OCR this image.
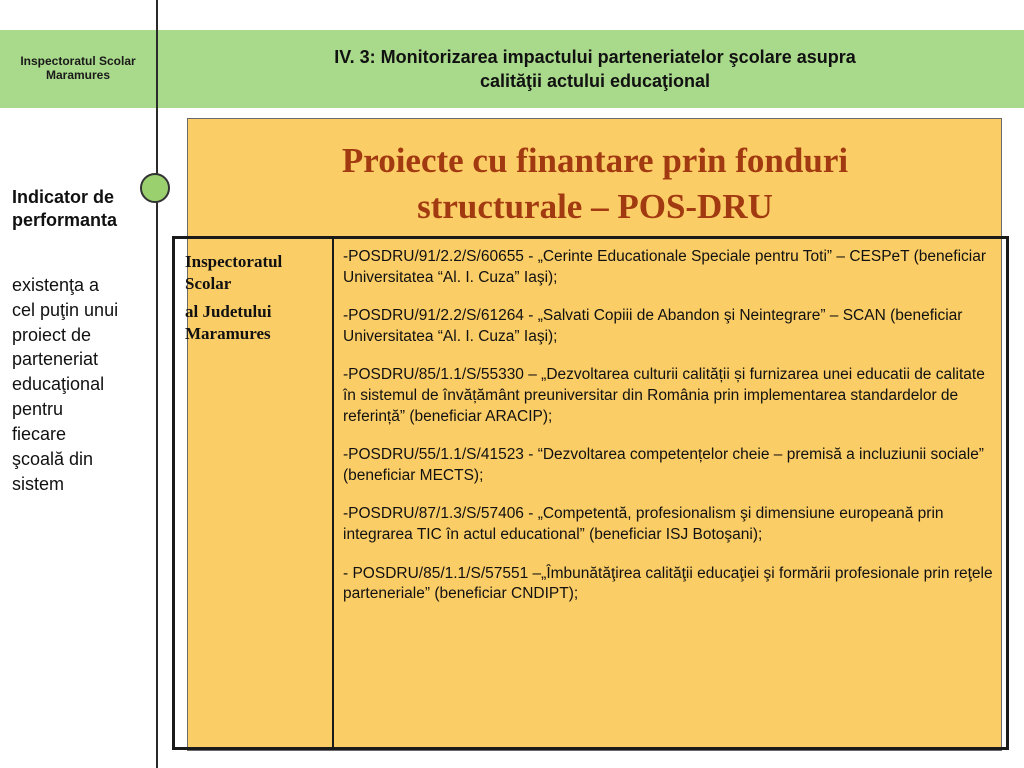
Inspectoratul Scolar
Maramures
IV. 3: Monitorizarea impactului parteneriatelor şcolare asupra
calităţii actului educaţional
Indicator de
performanta
existenţa a
cel puţin unui
proiect de
parteneriat
educaţional
pentru
fiecare
şcoală din
sistem
Proiecte cu finantare prin fonduri
structurale – POS-DRU
Inspectoratul Scolar
al Judetului Maramures

-POSDRU/91/2.2/S/60655 - „Cerinte Educationale Speciale pentru Toti” – CESPeT (beneficiar Universitatea “Al. I. Cuza” Iaşi);

-POSDRU/91/2.2/S/61264 - „Salvati Copiii de Abandon şi Neintegrare” – SCAN (beneficiar Universitatea “Al. I. Cuza” Iaşi);

-POSDRU/85/1.1/S/55330 – „Dezvoltarea culturii calității și furnizarea unei educatii de calitate în sistemul de învățământ preuniversitar din România prin implementarea standardelor de referință” (beneficiar ARACIP);

-POSDRU/55/1.1/S/41523 - “Dezvoltarea competențelor cheie – premisă a incluziunii sociale” (beneficiar MECTS);

-POSDRU/87/1.3/S/57406 - „Competentă, profesionalism şi dimensiune europeană prin integrarea TIC în actul educational” (beneficiar ISJ Botoşani);

- POSDRU/85/1.1/S/57551 –„Îmbunătăţirea calităţii educaţiei şi formării profesionale prin reţele parteneriale” (beneficiar CNDIPT);
